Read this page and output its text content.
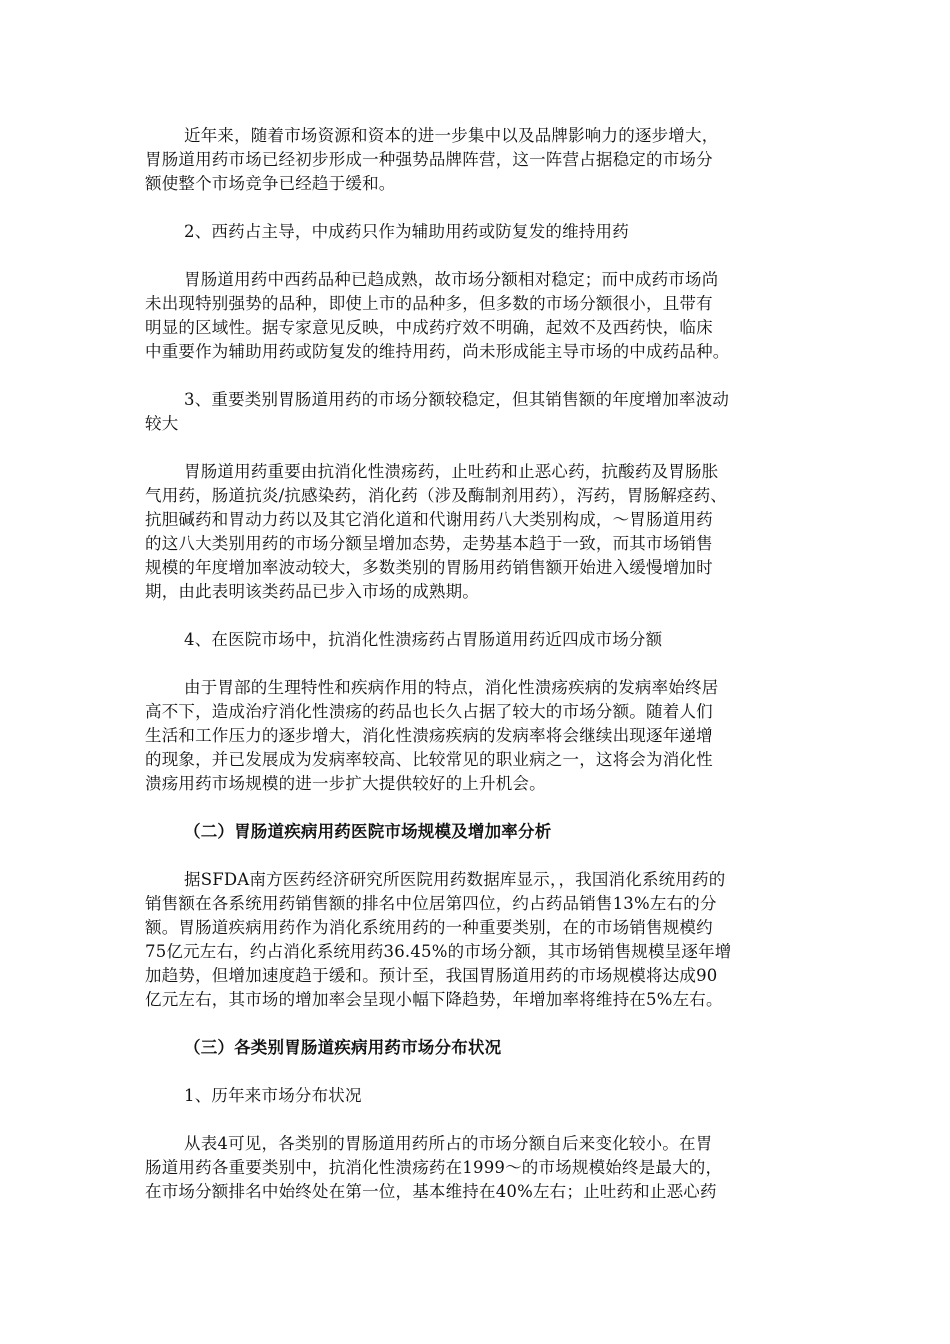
近年来，随着市场资源和资本的进一步集中以及品牌影响力的逐步增大，
胃肠道用药市场已经初步形成一种强势品牌阵营，这一阵营占据稳定的市场分
额使整个市场竞争已经趋于缓和。
2、西药占主导，中成药只作为辅助用药或防复发的维持用药
胃肠道用药中西药品种已趋成熟，故市场分额相对稳定；而中成药市场尚
未出现特别强势的品种，即使上市的品种多，但多数的市场分额很小，且带有
明显的区域性。据专家意见反映，中成药疗效不明确，起效不及西药快，临床
中重要作为辅助用药或防复发的维持用药，尚未形成能主导市场的中成药品种。
3、重要类别胃肠道用药的市场分额较稳定，但其销售额的年度增加率波动
较大
胃肠道用药重要由抗消化性溃疡药，止吐药和止恶心药，抗酸药及胃肠胀
气用药，肠道抗炎/抗感染药，消化药（涉及酶制剂用药），泻药，胃肠解痉药、
抗胆碱药和胃动力药以及其它消化道和代谢用药八大类别构成，～胃肠道用药
的这八大类别用药的市场分额呈增加态势，走势基本趋于一致，而其市场销售
规模的年度增加率波动较大，多数类别的胃肠用药销售额开始进入缓慢增加时
期，由此表明该类药品已步入市场的成熟期。
4、在医院市场中，抗消化性溃疡药占胃肠道用药近四成市场分额
由于胃部的生理特性和疾病作用的特点，消化性溃疡疾病的发病率始终居
高不下，造成治疗消化性溃疡的药品也长久占据了较大的市场分额。随着人们
生活和工作压力的逐步增大，消化性溃疡疾病的发病率将会继续出现逐年递增
的现象，并已发展成为发病率较高、比较常见的职业病之一，这将会为消化性
溃疡用药市场规模的进一步扩大提供较好的上升机会。
（二）胃肠道疾病用药医院市场规模及增加率分析
据SFDA南方医药经济研究所医院用药数据库显示，，我国消化系统用药的
销售额在各系统用药销售额的排名中位居第四位，约占药品销售13%左右的分
额。胃肠道疾病用药作为消化系统用药的一种重要类别，在的市场销售规模约
75亿元左右，约占消化系统用药36.45%的市场分额，其市场销售规模呈逐年增
加趋势，但增加速度趋于缓和。预计至，我国胃肠道用药的市场规模将达成90
亿元左右，其市场的增加率会呈现小幅下降趋势，年增加率将维持在5%左右。
（三）各类别胃肠道疾病用药市场分布状况
1、历年来市场分布状况
从表4可见，各类别的胃肠道用药所占的市场分额自后来变化较小。在胃
肠道用药各重要类别中，抗消化性溃疡药在1999～的市场规模始终是最大的，
在市场分额排名中始终处在第一位，基本维持在40%左右；止吐药和止恶心药
